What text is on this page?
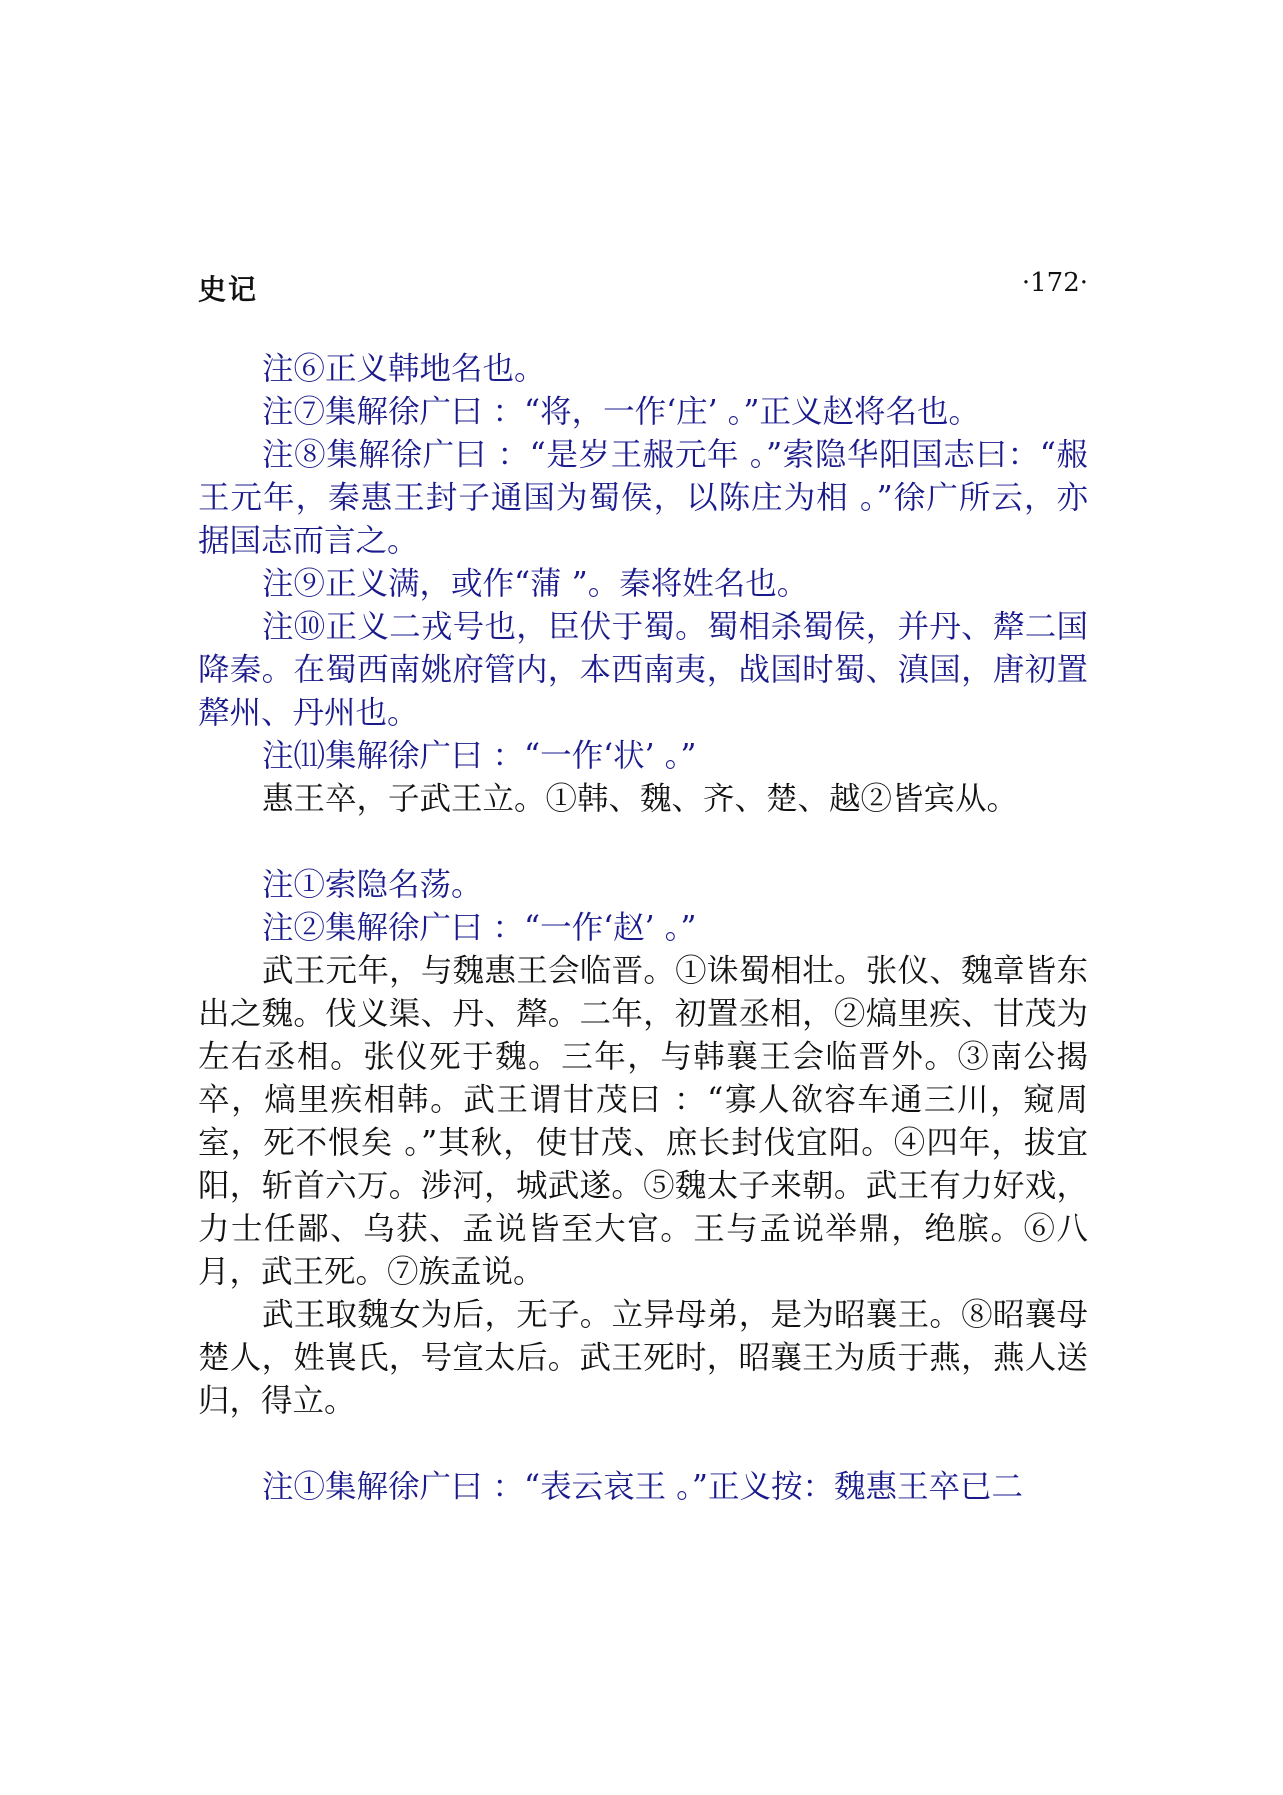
史记	·172·

注⑥正义韩地名也。

注⑦集解徐广曰 ：“将，一作‘庄’ 。”正义赵将名也。

注⑧集解徐广曰 ：“是岁王赧元年 。”索隐华阳国志曰：“赧王元年，秦惠王封子通国为蜀侯，以陈庄为相 。”徐广所云，亦据国志而言之。

注⑨正义满，或作“蒲 ”。秦将姓名也。

注⑩正义二戎号也，臣伏于蜀。蜀相杀蜀侯，并丹、犛二国降秦。在蜀西南姚府管内，本西南夷，战国时蜀、滇国，唐初置犛州、丹州也。

注⑾集解徐广曰 ：“一作‘状’ 。”

惠王卒，子武王立。①韩、魏、齐、楚、越②皆宾从。

注①索隐名荡。

注②集解徐广曰 ：“一作‘赵’ 。”

武王元年，与魏惠王会临晋。①诛蜀相壮。张仪、魏章皆东出之魏。伐义渠、丹、犛。二年，初置丞相，②熇里疾、甘茂为左右丞相。张仪死于魏。三年，与韩襄王会临晋外。③南公揭卒，熇里疾相韩。武王谓甘茂曰 ：“寡人欲容车通三川，窥周室，死不恨矣 。”其秋，使甘茂、庶长封伐宜阳。④四年，拔宜阳，斩首六万。涉河，城武遂。⑤魏太子来朝。武王有力好戏，力士任鄙、乌获、孟说皆至大官。王与孟说举鼎，绝膑。⑥八月，武王死。⑦族孟说。

武王取魏女为后，无子。立异母弟，是为昭襄王。⑧昭襄母楚人，姓嵔氏，号宣太后。武王死时，昭襄王为质于燕，燕人送归，得立。

注①集解徐广曰 ：“表云哀王 。”正义按：魏惠王卒已二
